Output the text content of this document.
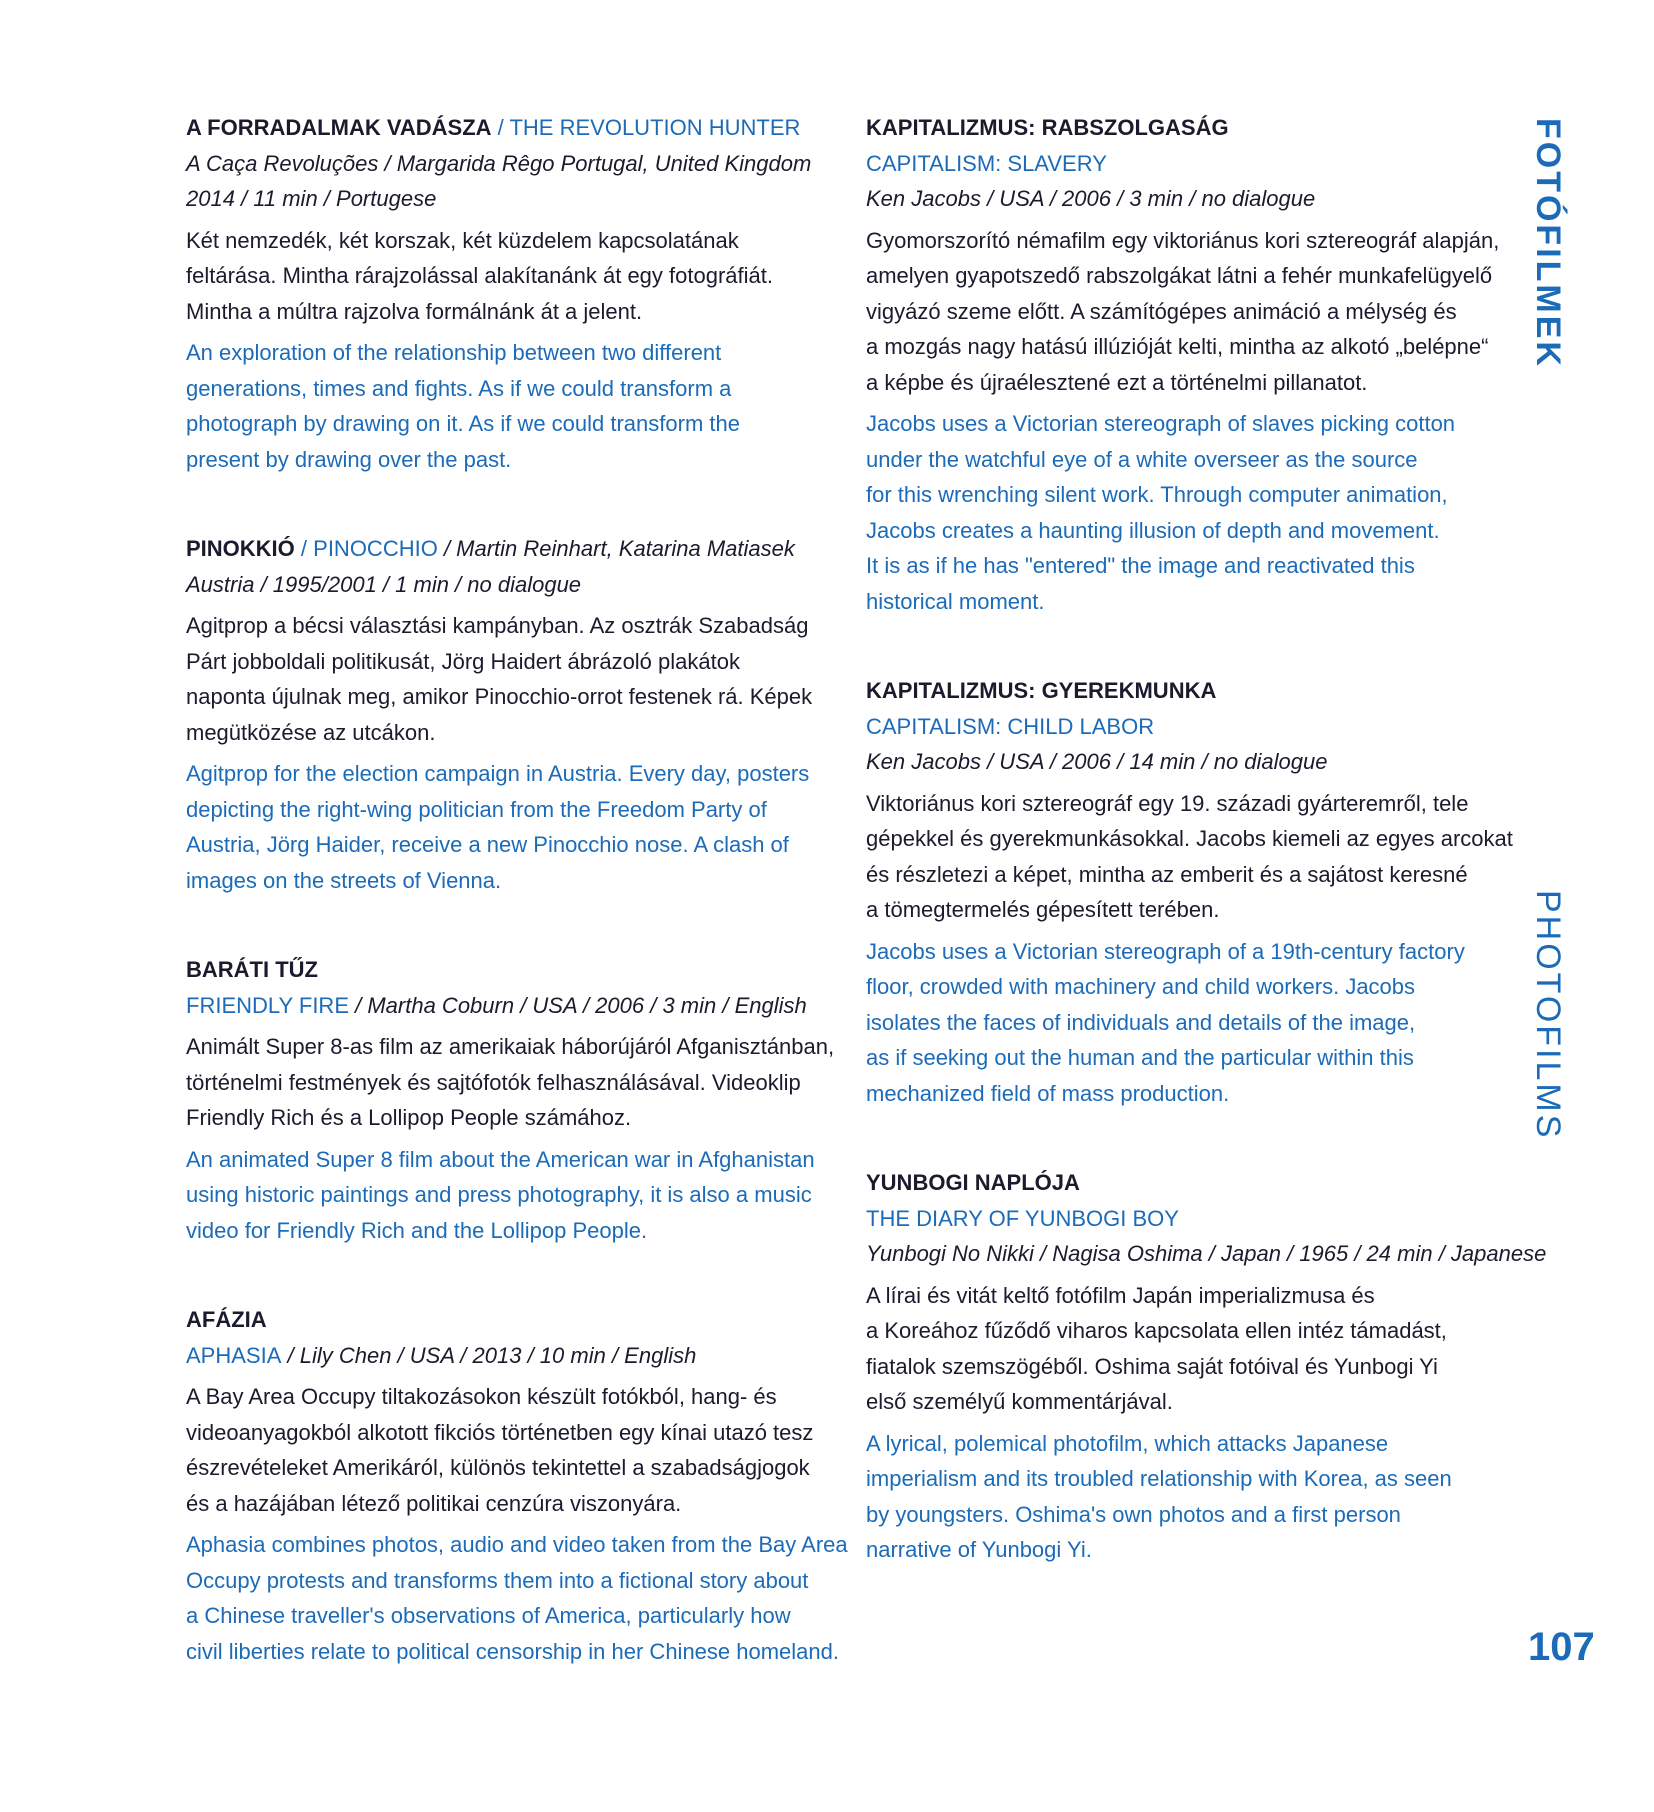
A FORRADALMAK VADÁSZA / THE REVOLUTION HUNTER
A Caça Revoluções / Margarida Rêgo Portugal, United Kingdom
2014 / 11 min / Portugese
Két nemzedék, két korszak, két küzdelem kapcsolatának
feltárása. Mintha rárajzolással alakítanánk át egy fotográfiát.
Mintha a múltra rajzolva formálnánk át a jelent.
An exploration of the relationship between two different
generations, times and fights. As if we could transform a
photograph by drawing on it. As if we could transform the
present by drawing over the past.
PINOKKIÓ / PINOCCHIO / Martin Reinhart, Katarina Matiasek
Austria / 1995/2001 / 1 min / no dialogue
Agitprop a bécsi választási kampányban. Az osztrák Szabadság
Párt jobboldali politikusát, Jörg Haidert ábrázoló plakátok
naponta újulnak meg, amikor Pinocchio-orrot festenek rá. Képek
megütközése az utcákon.
Agitprop for the election campaign in Austria. Every day, posters
depicting the right-wing politician from the Freedom Party of
Austria, Jörg Haider, receive a new Pinocchio nose. A clash of
images on the streets of Vienna.
BARÁTI TŰZ
FRIENDLY FIRE / Martha Coburn / USA / 2006 / 3 min / English
Animált Super 8-as film az amerikaiak háborújáról Afganisztánban,
történelmi festmények és sajtófotók felhasználásával. Videoklip
Friendly Rich és a Lollipop People számához.
An animated Super 8 film about the American war in Afghanistan
using historic paintings and press photography, it is also a music
video for Friendly Rich and the Lollipop People.
AFÁZIA
APHASIA / Lily Chen / USA / 2013 / 10 min / English
A Bay Area Occupy tiltakozásokon készült fotókból, hang- és
videoanyagokból alkotott fikciós történetben egy kínai utazó tesz
észrevételeket Amerikáról, különös tekintettel a szabadságjogok
és a hazájában létező politikai cenzúra viszonyára.
Aphasia combines photos, audio and video taken from the Bay Area
Occupy protests and transforms them into a fictional story about
a Chinese traveller's observations of America, particularly how
civil liberties relate to political censorship in her Chinese homeland.
KAPITALIZMUS: RABSZOLGASÁG
CAPITALISM: SLAVERY
Ken Jacobs / USA / 2006 / 3 min / no dialogue
Gyomorszorító némafilm egy viktoriánus kori sztereográf alapján,
amelyen gyapotszedő rabszolgákat látni a fehér munkafelügyelő
vigyázó szeme előtt. A számítógépes animáció a mélység és
a mozgás nagy hatású illúzióját kelti, mintha az alkotó „belépne“
a képbe és újraélesztené ezt a történelmi pillanatot.
Jacobs uses a Victorian stereograph of slaves picking cotton
under the watchful eye of a white overseer as the source
for this wrenching silent work. Through computer animation,
Jacobs creates a haunting illusion of depth and movement.
It is as if he has "entered" the image and reactivated this
historical moment.
KAPITALIZMUS: GYEREKMUNKA
CAPITALISM: CHILD LABOR
Ken Jacobs / USA / 2006 / 14 min / no dialogue
Viktoriánus kori sztereográf egy 19. századi gyárteremről, tele
gépekkel és gyerekmunkásokkal. Jacobs kiemeli az egyes arcokat
és részletezi a képet, mintha az emberit és a sajátost keresné
a tömegtermelés gépesített terében.
Jacobs uses a Victorian stereograph of a 19th-century factory
floor, crowded with machinery and child workers. Jacobs
isolates the faces of individuals and details of the image,
as if seeking out the human and the particular within this
mechanized field of mass production.
YUNBOGI NAPLÓJA
THE DIARY OF YUNBOGI BOY
Yunbogi No Nikki / Nagisa Oshima / Japan / 1965 / 24 min / Japanese
A lírai és vitát keltő fotófilm Japán imperializmusa és
a Koreához fűződő viharos kapcsolata ellen intéz támadást,
fiatalok szemszögéből. Oshima saját fotóival és Yunbogi Yi
első személyű kommentárjával.
A lyrical, polemical photofilm, which attacks Japanese
imperialism and its troubled relationship with Korea, as seen
by youngsters. Oshima's own photos and a first person
narrative of Yunbogi Yi.
FOTÓFILMEK
PHOTOFILMS
107
